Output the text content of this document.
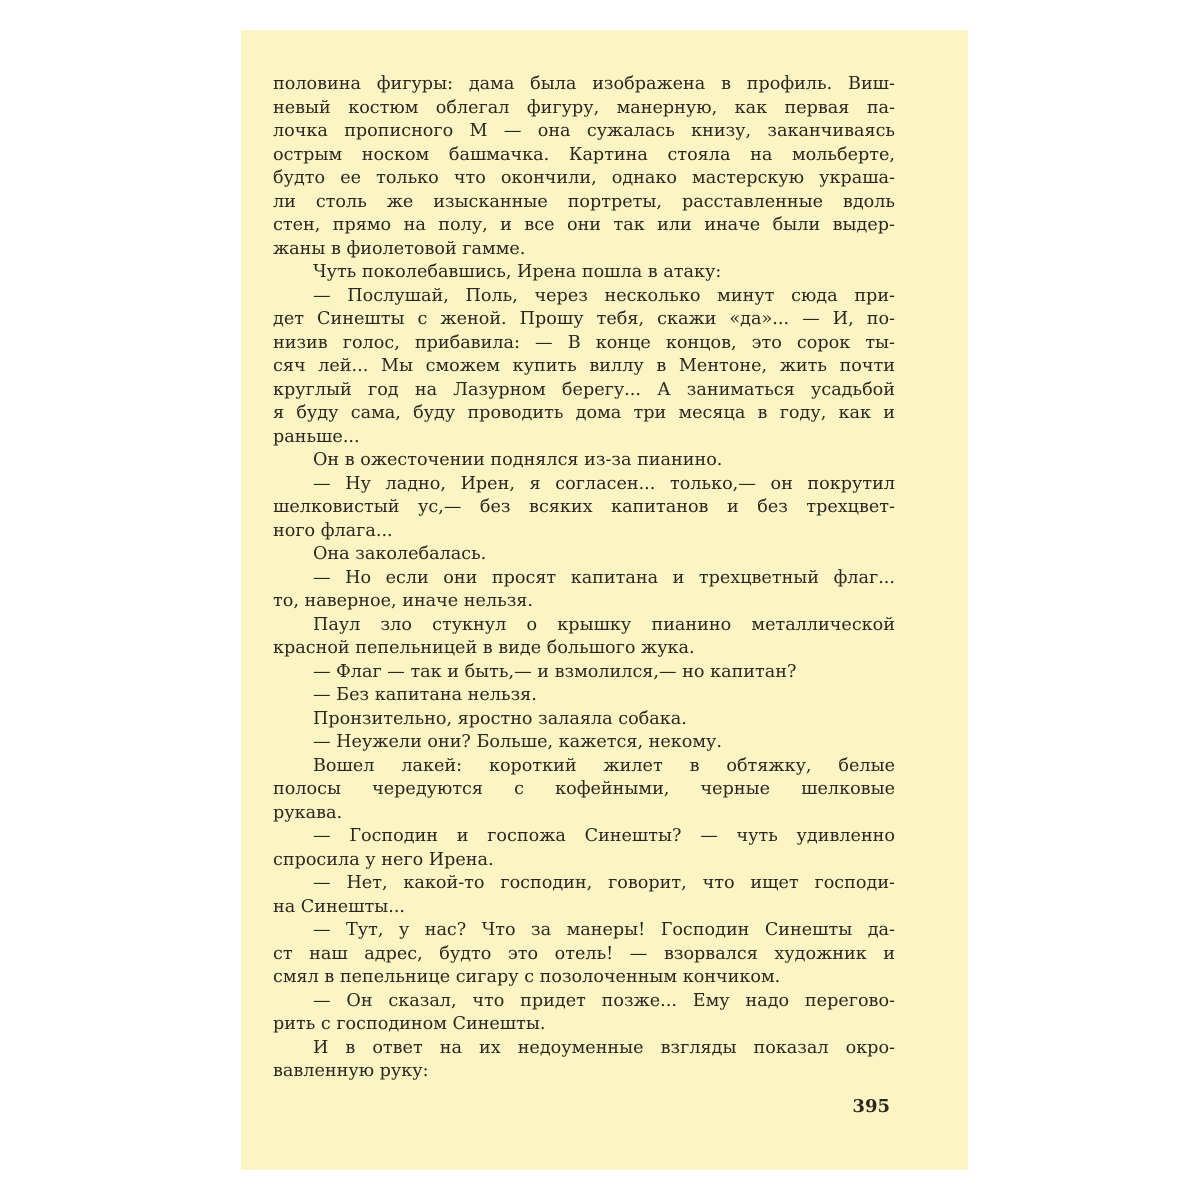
половина фигуры: дама была изображена в профиль. Виш-
невый костюм облегал фигуру, манерную, как первая па-
лочка прописного М — она сужалась книзу, заканчиваясь
острым носком башмачка. Картина стояла на мольберте,
будто ее только что окончили, однако мастерскую украша-
ли столь же изысканные портреты, расставленные вдоль
стен, прямо на полу, и все они так или иначе были выдер-
жаны в фиолетовой гамме.
Чуть поколебавшись, Ирена пошла в атаку:
— Послушай, Поль, через несколько минут сюда при-
дет Синешты с женой. Прошу тебя, скажи «да»... — И, по-
низив голос, прибавила: — В конце концов, это сорок ты-
сяч лей... Мы сможем купить виллу в Ментоне, жить почти
круглый год на Лазурном берегу... А заниматься усадьбой
я буду сама, буду проводить дома три месяца в году, как и
раньше...
Он в ожесточении поднялся из-за пианино.
— Ну ладно, Ирен, я согласен... только,— он покрутил
шелковистый ус,— без всяких капитанов и без трехцвет-
ного флага...
Она заколебалась.
— Но если они просят капитана и трехцветный флаг...
то, наверное, иначе нельзя.
Паул зло стукнул о крышку пианино металлической
красной пепельницей в виде большого жука.
— Флаг — так и быть,— и взмолился,— но капитан?
— Без капитана нельзя.
Пронзительно, яростно залаяла собака.
— Неужели они? Больше, кажется, некому.
Вошел лакей: короткий жилет в обтяжку, белые
полосы чередуются с кофейными, черные шелковые
рукава.
— Господин и госпожа Синешты? — чуть удивленно
спросила у него Ирена.
— Нет, какой-то господин, говорит, что ищет господи-
на Синешты...
— Тут, у нас? Что за манеры! Господин Синешты да-
ст наш адрес, будто это отель! — взорвался художник и
смял в пепельнице сигару с позолоченным кончиком.
— Он сказал, что придет позже... Ему надо перегово-
рить с господином Синешты.
И в ответ на их недоуменные взгляды показал окро-
вавленную руку:
395
